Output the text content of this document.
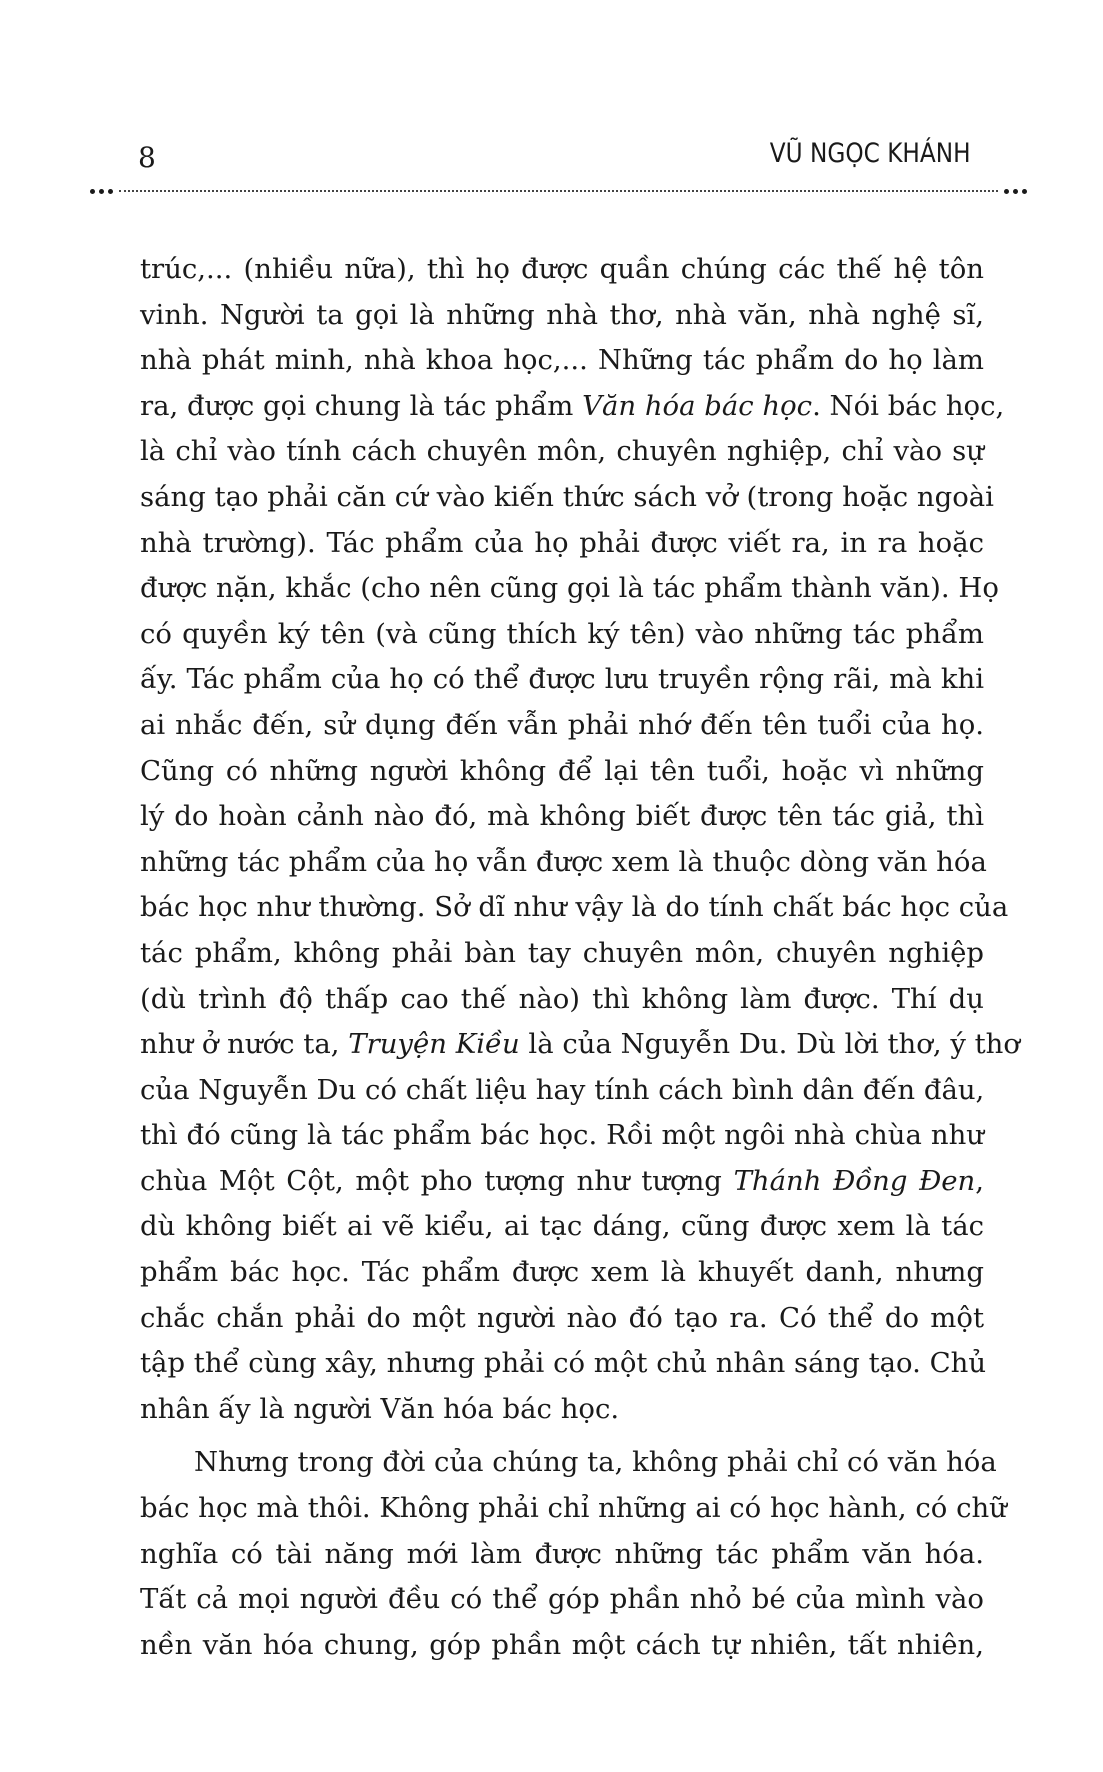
8	VŨ NGỌC KHÁNH

trúc,... (nhiều nữa), thì họ được quần chúng các thế hệ tôn
vinh. Người ta gọi là những nhà thơ, nhà văn, nhà nghệ sĩ,
nhà phát minh, nhà khoa học,... Những tác phẩm do họ làm
ra, được gọi chung là tác phẩm Văn hóa bác học. Nói bác học,
là chỉ vào tính cách chuyên môn, chuyên nghiệp, chỉ vào sự
sáng tạo phải căn cứ vào kiến thức sách vở (trong hoặc ngoài
nhà trường). Tác phẩm của họ phải được viết ra, in ra hoặc
được nặn, khắc (cho nên cũng gọi là tác phẩm thành văn). Họ
có quyền ký tên (và cũng thích ký tên) vào những tác phẩm
ấy. Tác phẩm của họ có thể được lưu truyền rộng rãi, mà khi
ai nhắc đến, sử dụng đến vẫn phải nhớ đến tên tuổi của họ.
Cũng có những người không để lại tên tuổi, hoặc vì những
lý do hoàn cảnh nào đó, mà không biết được tên tác giả, thì
những tác phẩm của họ vẫn được xem là thuộc dòng văn hóa
bác học như thường. Sở dĩ như vậy là do tính chất bác học của
tác phẩm, không phải bàn tay chuyên môn, chuyên nghiệp
(dù trình độ thấp cao thế nào) thì không làm được. Thí dụ
như ở nước ta, Truyện Kiều là của Nguyễn Du. Dù lời thơ, ý thơ
của Nguyễn Du có chất liệu hay tính cách bình dân đến đâu,
thì đó cũng là tác phẩm bác học. Rồi một ngôi nhà chùa như
chùa Một Cột, một pho tượng như tượng Thánh Đồng Đen,
dù không biết ai vẽ kiểu, ai tạc dáng, cũng được xem là tác
phẩm bác học. Tác phẩm được xem là khuyết danh, nhưng
chắc chắn phải do một người nào đó tạo ra. Có thể do một
tập thể cùng xây, nhưng phải có một chủ nhân sáng tạo. Chủ
nhân ấy là người Văn hóa bác học.

Nhưng trong đời của chúng ta, không phải chỉ có văn hóa
bác học mà thôi. Không phải chỉ những ai có học hành, có chữ
nghĩa có tài năng mới làm được những tác phẩm văn hóa.
Tất cả mọi người đều có thể góp phần nhỏ bé của mình vào
nền văn hóa chung, góp phần một cách tự nhiên, tất nhiên,
